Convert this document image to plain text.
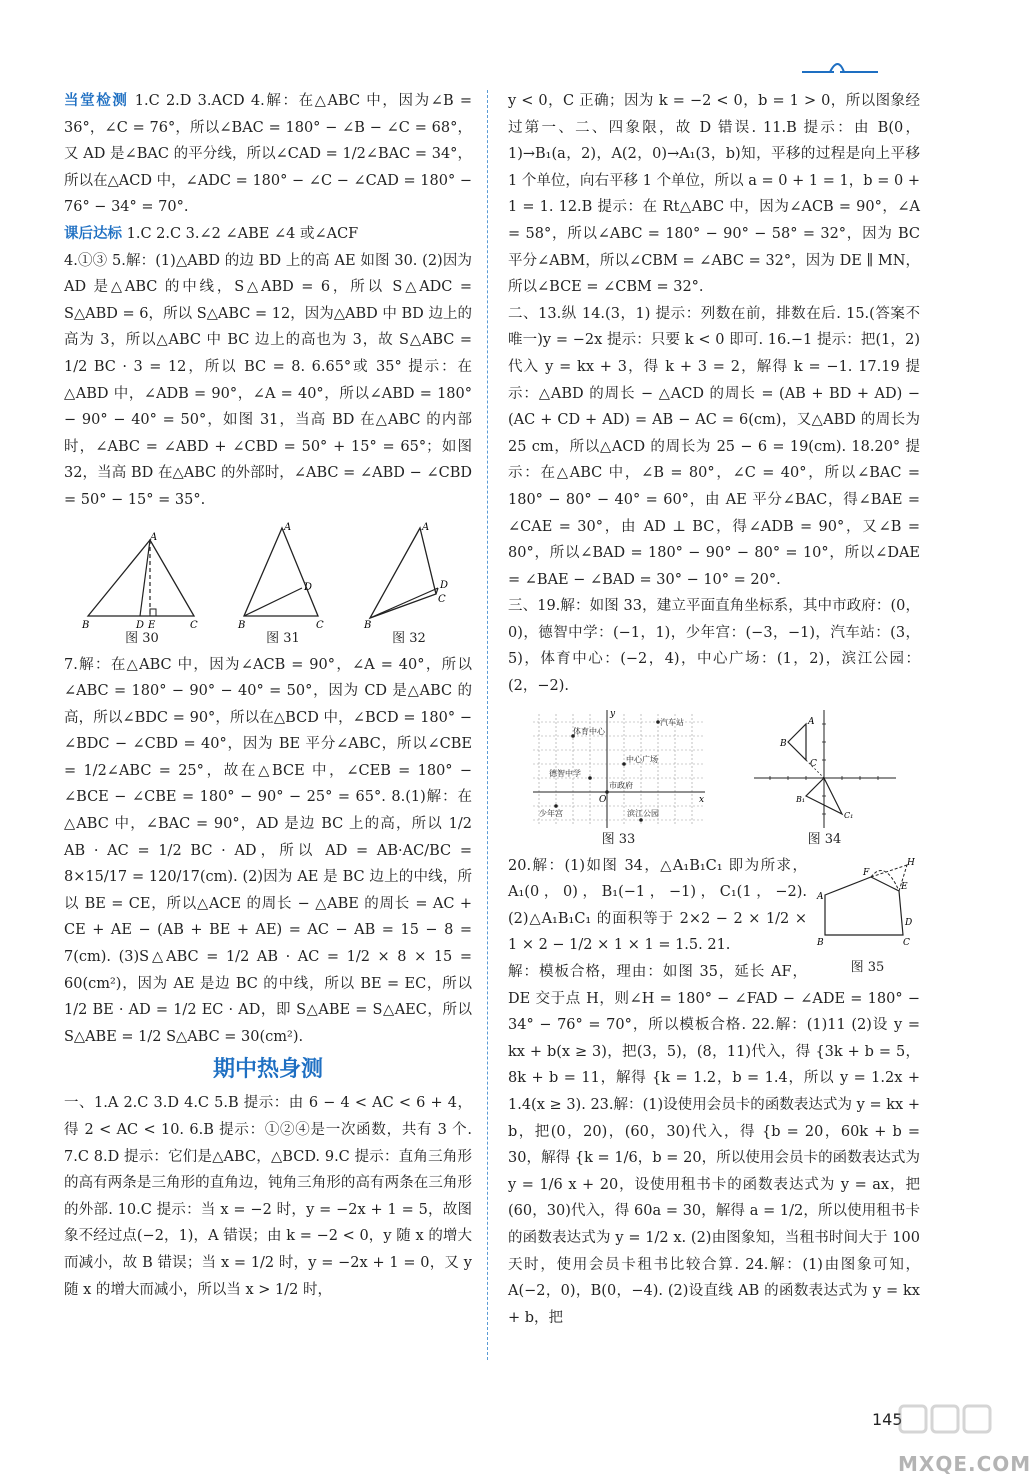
当堂检测 1.C 2.D 3.ACD 4.解：在△ABC 中，因为∠B = 36°，∠C = 76°，所以∠BAC = 180° − ∠B − ∠C = 68°，又 AD 是∠BAC 的平分线，所以∠CAD = 1/2∠BAC = 34°，所以在△ACD 中，∠ADC = 180° − ∠C − ∠CAD = 180° − 76° − 34° = 70°.

课后达标 1.C 2.C 3.∠2 ∠ABE ∠4 或∠ACF

4.①③ 5.解：(1)△ABD 的边 BD 上的高 AE 如图 30. (2)因为 AD 是△ABC 的中线，S△ABD = 6，所以 S△ADC = S△ABD = 6，所以 S△ABC = 12，因为△ABD 中 BD 边上的高为 3，所以△ABC 中 BC 边上的高也为 3，故 S△ABC = 1/2 BC · 3 = 12，所以 BC = 8. 6.65°或 35° 提示：在△ABD 中，∠ADB = 90°，∠A = 40°，所以∠ABD = 180° − 90° − 40° = 50°，如图 31，当高 BD 在△ABC 的内部时，∠ABC = ∠ABD + ∠CBD = 50° + 15° = 65°；如图 32，当高 BD 在△ABC 的外部时，∠ABC = ∠ABD − ∠CBD = 50° − 15° = 35°.

A
B	D E	C
图 30
A
B
D
C
图 31
A
B
D
C
图 32

7.解：在△ABC 中，因为∠ACB = 90°，∠A = 40°，所以∠ABC = 180° − 90° − 40° = 50°，因为 CD 是△ABC 的高，所以∠BDC = 90°，所以在△BCD 中，∠BCD = 180° − ∠BDC − ∠CBD = 40°，因为 BE 平分∠ABC，所以∠CBE = 1/2∠ABC = 25°，故在△BCE 中，∠CEB = 180° − ∠BCE − ∠CBE = 180° − 90° − 25° = 65°. 8.(1)解：在△ABC 中，∠BAC = 90°，AD 是边 BC 上的高，所以 1/2 AB · AC = 1/2 BC · AD，所以 AD = AB·AC/BC = 8×15/17 = 120/17(cm). (2)因为 AE 是 BC 边上的中线，所以 BE = CE，所以△ACE 的周长 − △ABE 的周长 = AC + CE + AE − (AB + BE + AE) = AC − AB = 15 − 8 = 7(cm). (3)S△ABC = 1/2 AB · AC = 1/2 × 8 × 15 = 60(cm²)，因为 AE 是边 BC 的中线，所以 BE = EC，所以 1/2 BE · AD = 1/2 EC · AD，即 S△ABE = S△AEC，所以 S△ABE = 1/2 S△ABC = 30(cm²).

期中热身测

一、1.A 2.C 3.D 4.C 5.B 提示：由 6 − 4 < AC < 6 + 4，得 2 < AC < 10. 6.B 提示：①②④是一次函数，共有 3 个. 7.C 8.D 提示：它们是△ABC，△BCD. 9.C 提示：直角三角形的高有两条是三角形的直角边，钝角三角形的高有两条在三角形的外部. 10.C 提示：当 x = −2 时，y = −2x + 1 = 5，故图象不经过点(−2，1)，A 错误；由 k = −2 < 0，y 随 x 的增大而减小，故 B 错误；当 x = 1/2 时，y = −2x + 1 = 0，又 y 随 x 的增大而减小，所以当 x > 1/2 时，

y < 0，C 正确；因为 k = −2 < 0，b = 1 > 0，所以图象经过第一、二、四象限，故 D 错误. 11.B 提示：由 B(0，1)→B₁(a，2)，A(2，0)→A₁(3，b)知，平移的过程是向上平移 1 个单位，向右平移 1 个单位，所以 a = 0 + 1 = 1，b = 0 + 1 = 1. 12.B 提示：在 Rt△ABC 中，因为∠ACB = 90°，∠A = 58°，所以∠ABC = 180° − 90° − 58° = 32°，因为 BC 平分∠ABM，所以∠CBM = ∠ABC = 32°，因为 DE ∥ MN，所以∠BCE = ∠CBM = 32°.

二、13.纵 14.(3，1) 提示：列数在前，排数在后. 15.(答案不唯一)y = −2x 提示：只要 k < 0 即可. 16.−1 提示：把(1，2)代入 y = kx + 3，得 k + 3 = 2，解得 k = −1. 17.19 提示：△ABD 的周长 − △ACD 的周长 = (AB + BD + AD) − (AC + CD + AD) = AB − AC = 6(cm)，又△ABD 的周长为 25 cm，所以△ACD 的周长为 25 − 6 = 19(cm). 18.20° 提示：在△ABC 中，∠B = 80°，∠C = 40°，所以∠BAC = 180° − 80° − 40° = 60°，由 AE 平分∠BAC，得∠BAE = ∠CAE = 30°，由 AD ⊥ BC，得∠ADB = 90°，又∠B = 80°，所以∠BAD = 180° − 90° − 80° = 10°，所以∠DAE = ∠BAE − ∠BAD = 30° − 10° = 20°.

三、19.解：如图 33，建立平面直角坐标系，其中市政府：(0，0)，德智中学：(−1，1)，少年宫：(−3，−1)，汽车站：(3，5)，体育中心：(−2，4)，中心广场：(1，2)，滨江公园：(2，−2).

x
y
O
体育中心
汽车站
中心广场
德智中学
市政府
少年宫	滨江公园
图 33
B
A
C
B₁
C₁
图 34
A
F
H
E
D
B	C
图 35

20.解：(1)如图 34，△A₁B₁C₁ 即为所求，A₁(0，0)，B₁(−1，−1)，C₁(1，−2). (2)△A₁B₁C₁ 的面积等于 2×2 − 2 × 1/2 × 1 × 2 − 1/2 × 1 × 1 = 1.5. 21.

解：模板合格，理由：如图 35，延长 AF，DE 交于点 H，则∠H = 180° − ∠FAD − ∠ADE = 180° − 34° − 76° = 70°，所以模板合格. 22.解：(1)11 (2)设 y = kx + b(x ≥ 3)，把(3，5)，(8，11)代入，得 {3k + b = 5，8k + b = 11，解得 {k = 1.2，b = 1.4，所以 y = 1.2x + 1.4(x ≥ 3). 23.解：(1)设使用会员卡的函数表达式为 y = kx + b，把(0，20)，(60，30)代入，得 {b = 20，60k + b = 30，解得 {k = 1/6，b = 20，所以使用会员卡的函数表达式为 y = 1/6 x + 20，设使用租书卡的函数表达式为 y = ax，把(60，30)代入，得 60a = 30，解得 a = 1/2，所以使用租书卡的函数表达式为 y = 1/2 x. (2)由图象知，当租书时间大于 100 天时，使用会员卡租书比较合算. 24.解：(1)由图象可知，A(−2，0)，B(0，−4). (2)设直线 AB 的函数表达式为 y = kx + b，把

145
MXQE.COM
